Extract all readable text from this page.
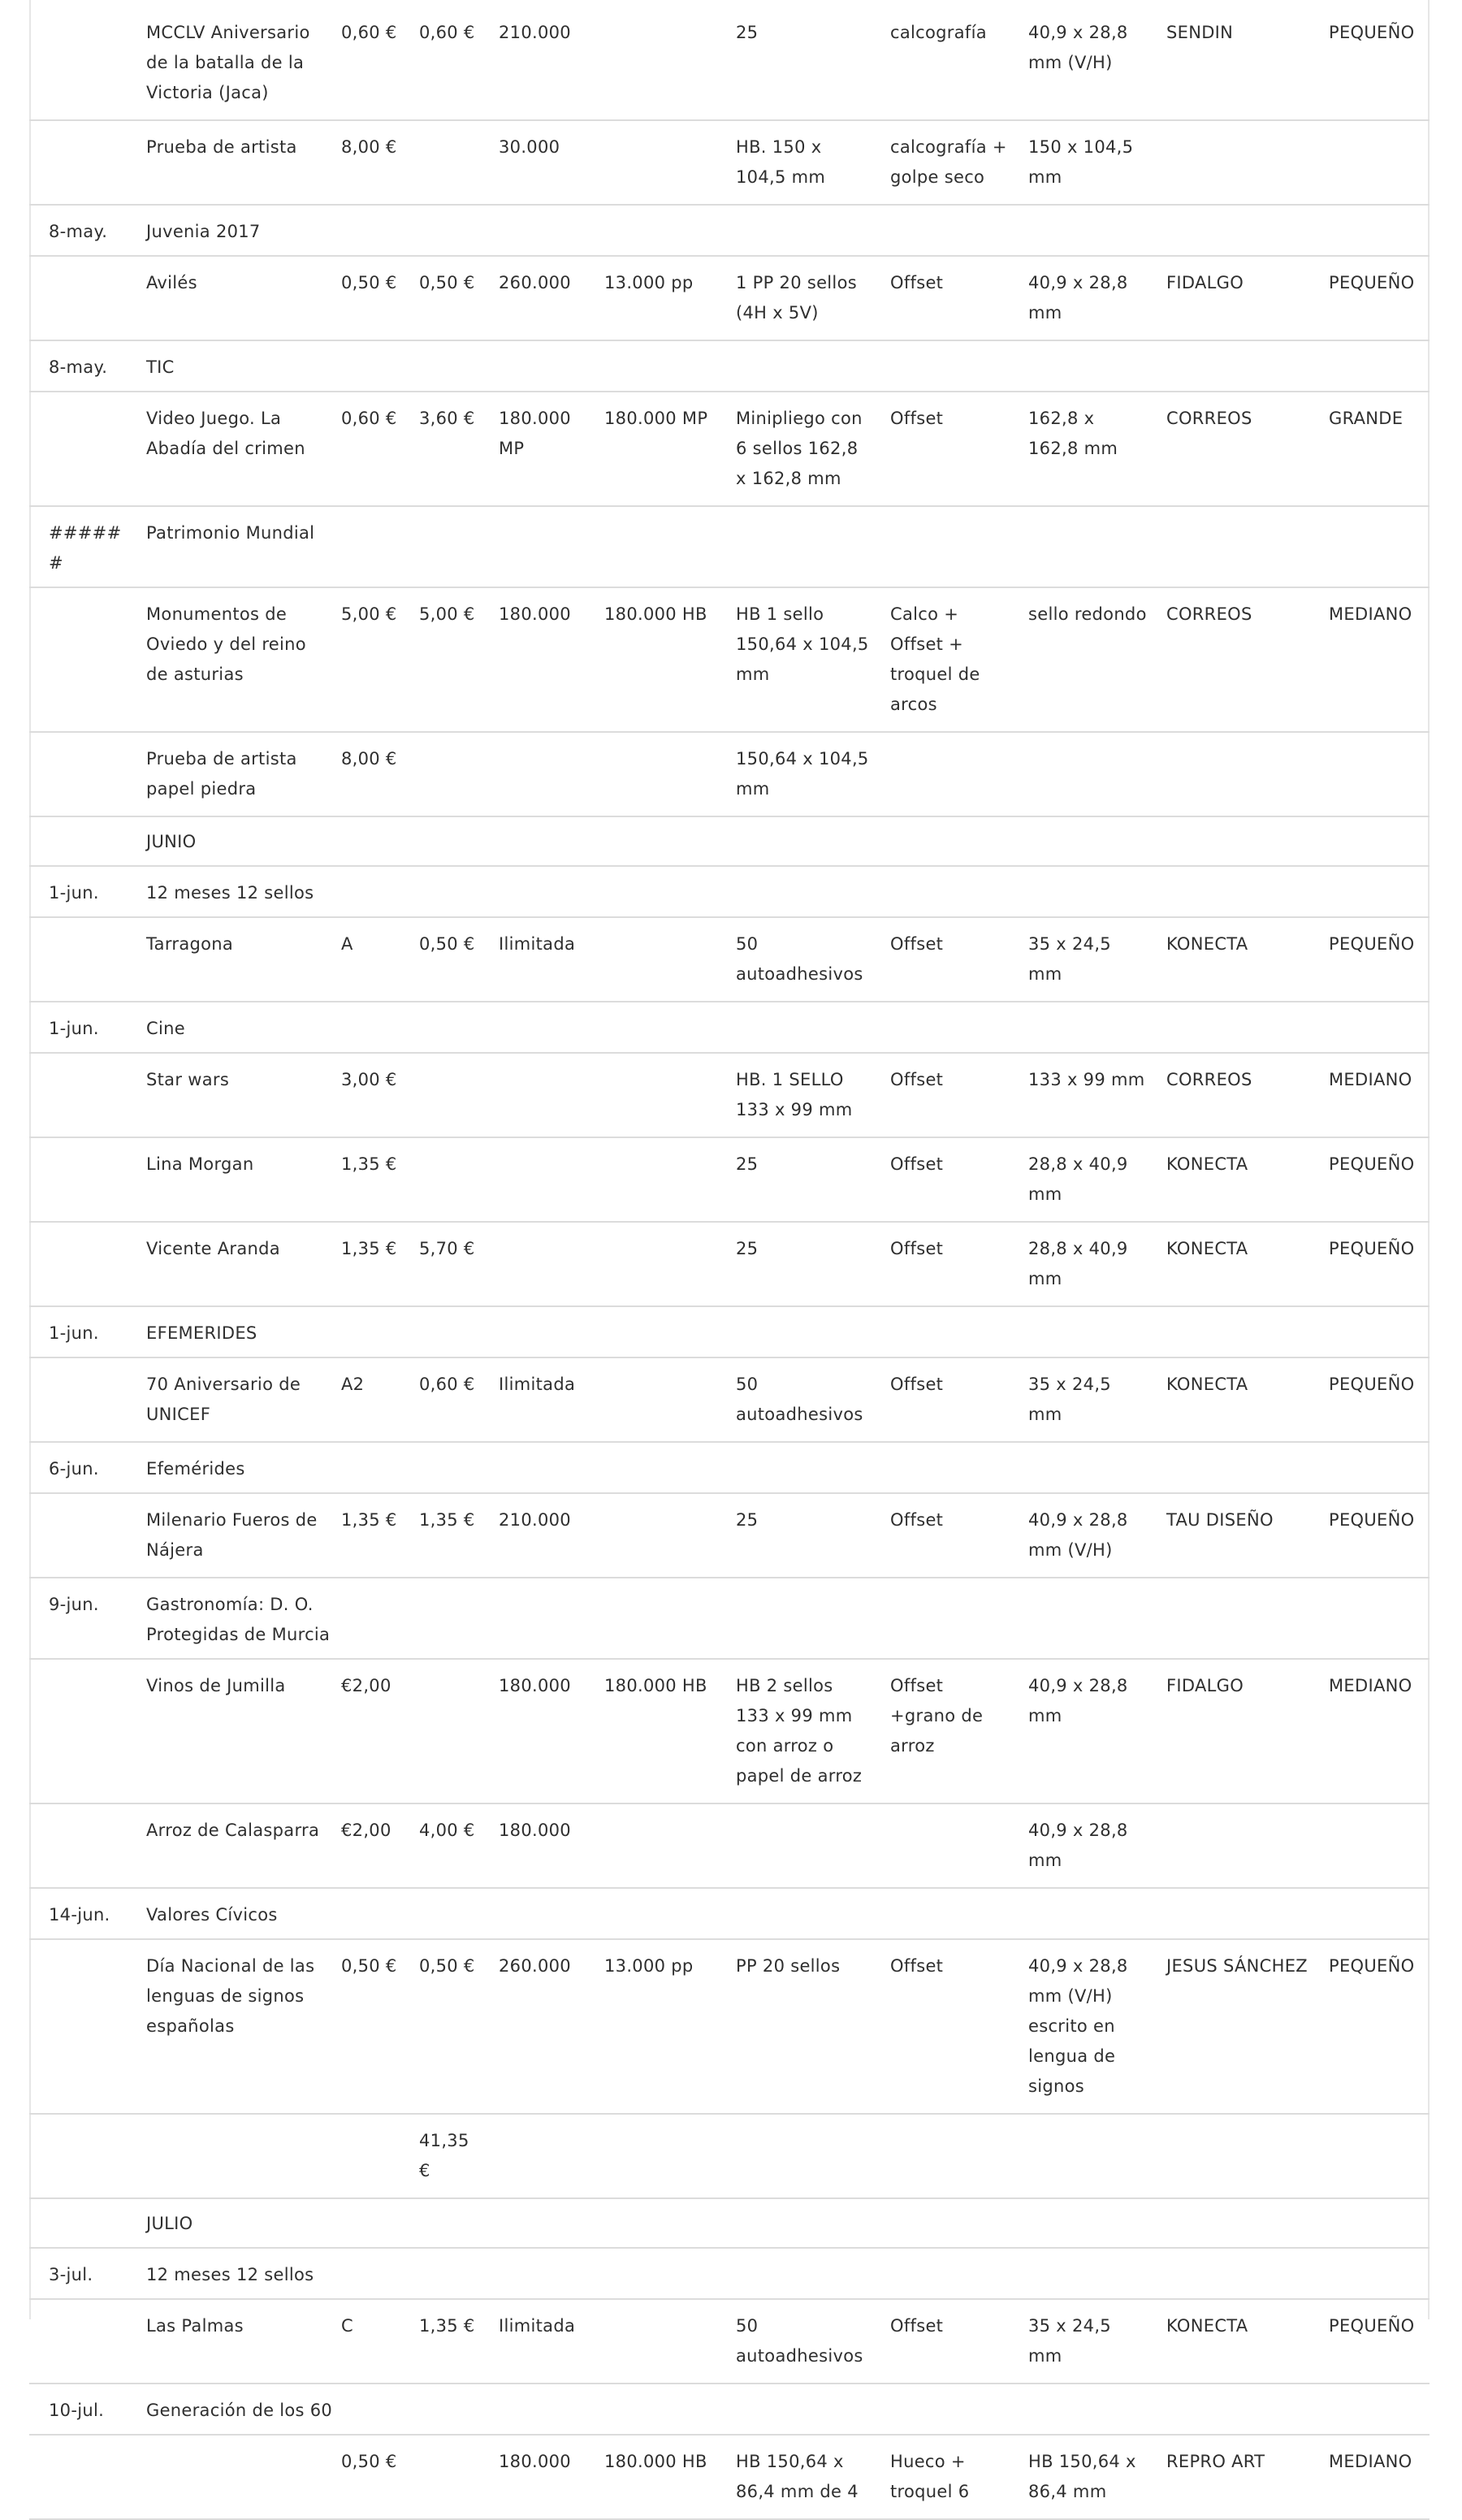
	MCCLV Aniversario de la batalla de la Victoria (Jaca)	0,60 €	0,60 €	210.000		25	calcografía	40,9 x 28,8 mm (V/H)	SENDIN	PEQUEÑO
	Prueba de artista	8,00 €		30.000		HB. 150 x 104,5 mm	calcografía + golpe seco	150 x 104,5 mm		
8-may.	Juvenia 2017									
	Avilés	0,50 €	0,50 €	260.000	13.000 pp	1 PP 20 sellos (4H x 5V)	Offset	40,9 x 28,8 mm	FIDALGO	PEQUEÑO
8-may.	TIC									
	Video Juego. La Abadía del crimen	0,60 €	3,60 €	180.000 MP	180.000 MP	Minipliego con 6 sellos 162,8 x 162,8 mm	Offset	162,8 x 162,8 mm	CORREOS	GRANDE
######	Patrimonio Mundial									
	Monumentos de Oviedo y del reino de asturias	5,00 €	5,00 €	180.000	180.000 HB	HB 1 sello 150,64 x 104,5 mm	Calco + Offset + troquel de arcos	sello redondo	CORREOS	MEDIANO
	Prueba de artista papel piedra	8,00 €				150,64 x 104,5 mm				
	JUNIO									
1-jun.	12 meses 12 sellos									
	Tarragona	A	0,50 €	Ilimitada		50 autoadhesivos	Offset	35 x 24,5 mm	KONECTA	PEQUEÑO
1-jun.	Cine									
	Star wars	3,00 €				HB. 1 SELLO 133 x 99 mm	Offset	133 x 99 mm	CORREOS	MEDIANO
	Lina Morgan	1,35 €				25	Offset	28,8 x 40,9 mm	KONECTA	PEQUEÑO
	Vicente Aranda	1,35 €	5,70 €			25	Offset	28,8 x 40,9 mm	KONECTA	PEQUEÑO
1-jun.	EFEMERIDES									
	70 Aniversario de UNICEF	A2	0,60 €	Ilimitada		50 autoadhesivos	Offset	35 x 24,5 mm	KONECTA	PEQUEÑO
6-jun.	Efemérides									
	Milenario Fueros de Nájera	1,35 €	1,35 €	210.000		25	Offset	40,9 x 28,8 mm (V/H)	TAU DISEÑO	PEQUEÑO
9-jun.	Gastronomía: D. O. Protegidas de Murcia									
	Vinos de Jumilla	€2,00		180.000	180.000 HB	HB 2 sellos 133 x 99 mm con arroz o papel de arroz	Offset +grano de arroz	40,9 x 28,8 mm	FIDALGO	MEDIANO
	Arroz de Calasparra	€2,00	4,00 €	180.000				40,9 x 28,8 mm		
14-jun.	Valores Cívicos									
	Día Nacional de las lenguas de signos españolas	0,50 €	0,50 €	260.000	13.000 pp	PP 20 sellos	Offset	40,9 x 28,8 mm (V/H) escrito en lengua de signos	JESUS SÁNCHEZ	PEQUEÑO
			41,35 €							
	JULIO									
3-jul.	12 meses 12 sellos									
	Las Palmas	C	1,35 €	Ilimitada		50 autoadhesivos	Offset	35 x 24,5 mm	KONECTA	PEQUEÑO
10-jul.	Generación de los 60									
		0,50 €		180.000	180.000 HB	HB 150,64 x 86,4 mm de 4	Hueco + troquel 6	HB 150,64 x 86,4 mm	REPRO ART	MEDIANO
